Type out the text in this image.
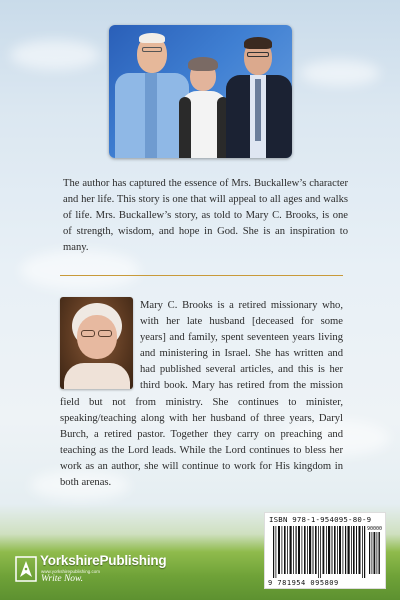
The author has captured the essence of Mrs. Buckallew’s character and her life. This story is one that will appeal to all ages and walks of life. Mrs. Buckallew’s story, as told to Mary C. Brooks, is one of strength, wisdom, and hope in God. She is an inspiration to many.

Mary C. Brooks is a retired missionary who, with her late husband [deceased for some years] and family, spent seventeen years living and ministering in Israel. She has written and had published several articles, and this is her third book. Mary has retired from the mission field but not from ministry. She continues to minister, speaking/teaching along with her husband of three years, Daryl Burch, a retired pastor. Together they carry on preaching and teaching as the Lord leads. While the Lord continues to bless her work as an author, she will continue to work for His kingdom in both arenas.
ISBN 978-1-954095-80-9
90000
9 781954 095809
YorkshirePublishing
www.yorkshirepublishing.com
Write Now.
